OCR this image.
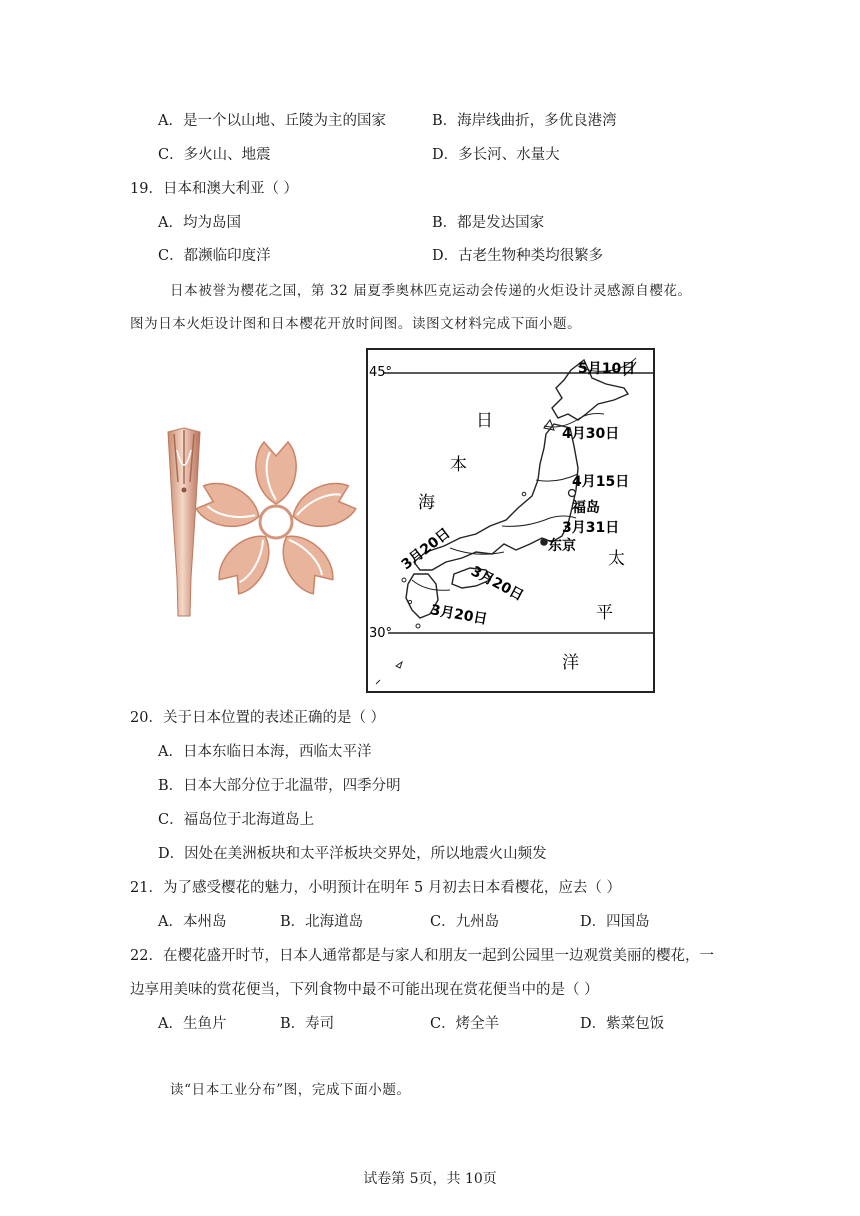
A．是一个以山地、丘陵为主的国家	B．海岸线曲折，多优良港湾
C．多火山、地震	D．多长河、水量大
19．日本和澳大利亚（ ）
A．均为岛国	B．都是发达国家
C．都濒临印度洋	D．古老生物种类均很繁多
日本被誉为樱花之国，第 32 届夏季奥林匹克运动会传递的火炬设计灵感源自樱花。
图为日本火炬设计图和日本樱花开放时间图。读图文材料完成下面小题。
45°
30°
日
本
海
太
平
洋
5月10日
4月30日
4月15日
福岛
3月31日
东京
3月20日
3月20日
3月20日
20．关于日本位置的表述正确的是（ ）
A．日本东临日本海，西临太平洋
B．日本大部分位于北温带，四季分明
C．福岛位于北海道岛上
D．因处在美洲板块和太平洋板块交界处，所以地震火山频发
21．为了感受樱花的魅力，小明预计在明年 5 月初去日本看樱花，应去（ ）
A．本州岛	B．北海道岛	C．九州岛	D．四国岛
22．在樱花盛开时节，日本人通常都是与家人和朋友一起到公园里一边观赏美丽的樱花，一
边享用美味的赏花便当，下列食物中最不可能出现在赏花便当中的是（ ）
A．生鱼片	B．寿司	C．烤全羊	D．紫菜包饭
读“日本工业分布”图，完成下面小题。
试卷第 5页，共 10页
